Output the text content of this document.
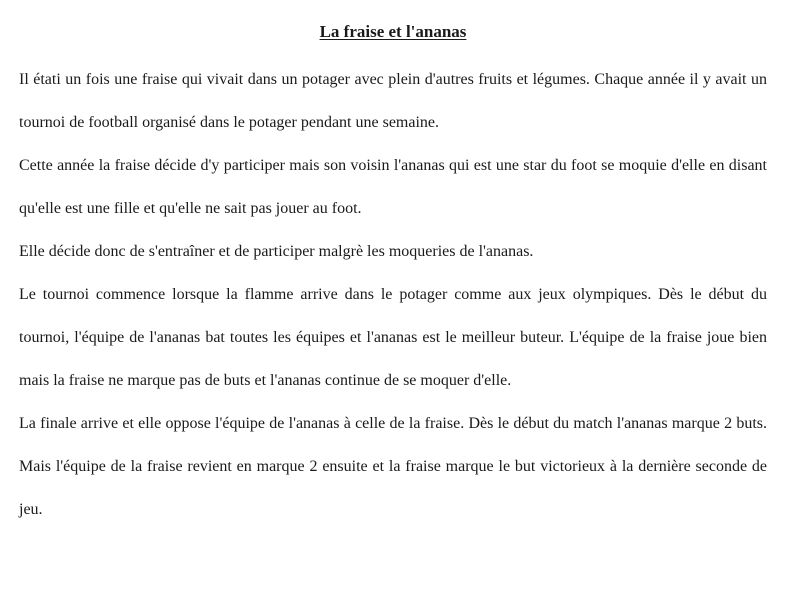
La fraise et l'ananas

Il étati un fois une fraise qui vivait dans un potager avec plein d'autres fruits et légumes. Chaque année il y avait un tournoi de football organisé dans le potager pendant une semaine.

Cette année la fraise décide d'y participer mais son voisin l'ananas qui est une star du foot se moquie d'elle en disant qu'elle est une fille et qu'elle ne sait pas jouer au foot.

Elle décide donc de s'entraîner et de participer malgrè les moqueries de l'ananas.

Le tournoi commence lorsque la flamme arrive dans le potager comme aux jeux olympiques. Dès le début du tournoi, l'équipe de l'ananas bat toutes les équipes et l'ananas est le meilleur buteur. L'équipe de la fraise joue bien mais la fraise ne marque pas de buts et l'ananas continue de se moquer d'elle.

La finale arrive et elle oppose l'équipe de l'ananas à celle de la fraise. Dès le début du match l'ananas marque 2 buts. Mais l'équipe de la fraise revient en marque 2 ensuite et la fraise marque le but victorieux à la dernière seconde de jeu.
